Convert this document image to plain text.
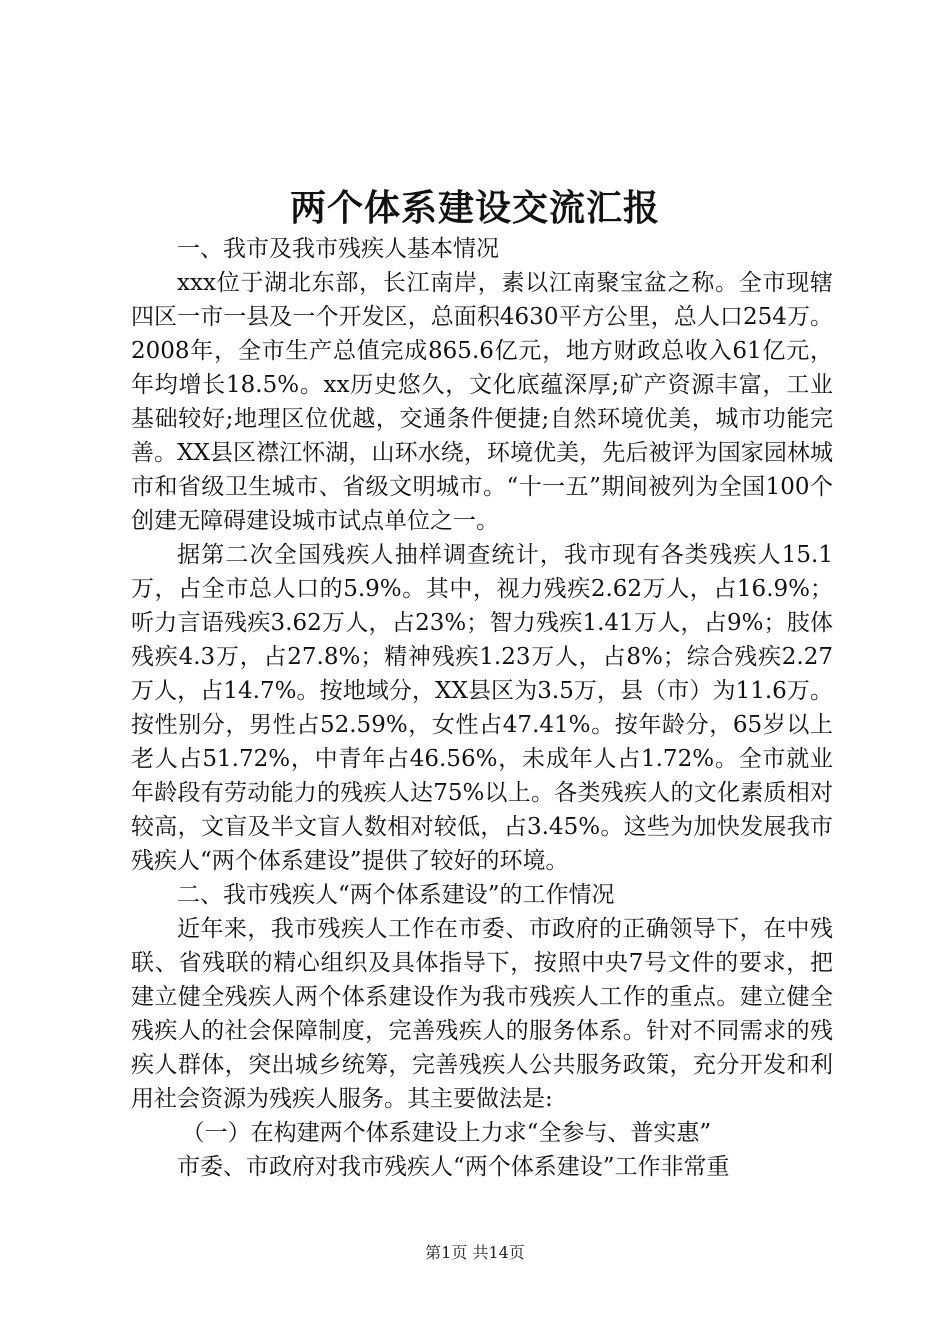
两个体系建设交流汇报

一、我市及我市残疾人基本情况

xxx位于湖北东部，长江南岸，素以江南聚宝盆之称。全市现辖四区一市一县及一个开发区，总面积4630平方公里，总人口254万。2008年，全市生产总值完成865.6亿元，地方财政总收入61亿元，年均增长18.5%。xx历史悠久，文化底蕴深厚;矿产资源丰富，工业基础较好;地理区位优越，交通条件便捷;自然环境优美，城市功能完善。XX县区襟江怀湖，山环水绕，环境优美，先后被评为国家园林城市和省级卫生城市、省级文明城市。“十一五”期间被列为全国100个创建无障碍建设城市试点单位之一。

据第二次全国残疾人抽样调查统计，我市现有各类残疾人15.1万，占全市总人口的5.9%。其中，视力残疾2.62万人，占16.9%；听力言语残疾3.62万人，占23%；智力残疾1.41万人，占9%；肢体残疾4.3万，占27.8%；精神残疾1.23万人，占8%；综合残疾2.27万人，占14.7%。按地域分，XX县区为3.5万，县（市）为11.6万。按性别分，男性占52.59%，女性占47.41%。按年龄分，65岁以上老人占51.72%，中青年占46.56%，未成年人占1.72%。全市就业年龄段有劳动能力的残疾人达75%以上。各类残疾人的文化素质相对较高，文盲及半文盲人数相对较低，占3.45%。这些为加快发展我市残疾人“两个体系建设”提供了较好的环境。

二、我市残疾人“两个体系建设”的工作情况

近年来，我市残疾人工作在市委、市政府的正确领导下，在中残联、省残联的精心组织及具体指导下，按照中央7号文件的要求，把建立健全残疾人两个体系建设作为我市残疾人工作的重点。建立健全残疾人的社会保障制度，完善残疾人的服务体系。针对不同需求的残疾人群体，突出城乡统筹，完善残疾人公共服务政策，充分开发和利用社会资源为残疾人服务。其主要做法是:

（一）在构建两个体系建设上力求“全参与、普实惠”

市委、市政府对我市残疾人“两个体系建设”工作非常重

第1页 共14页
